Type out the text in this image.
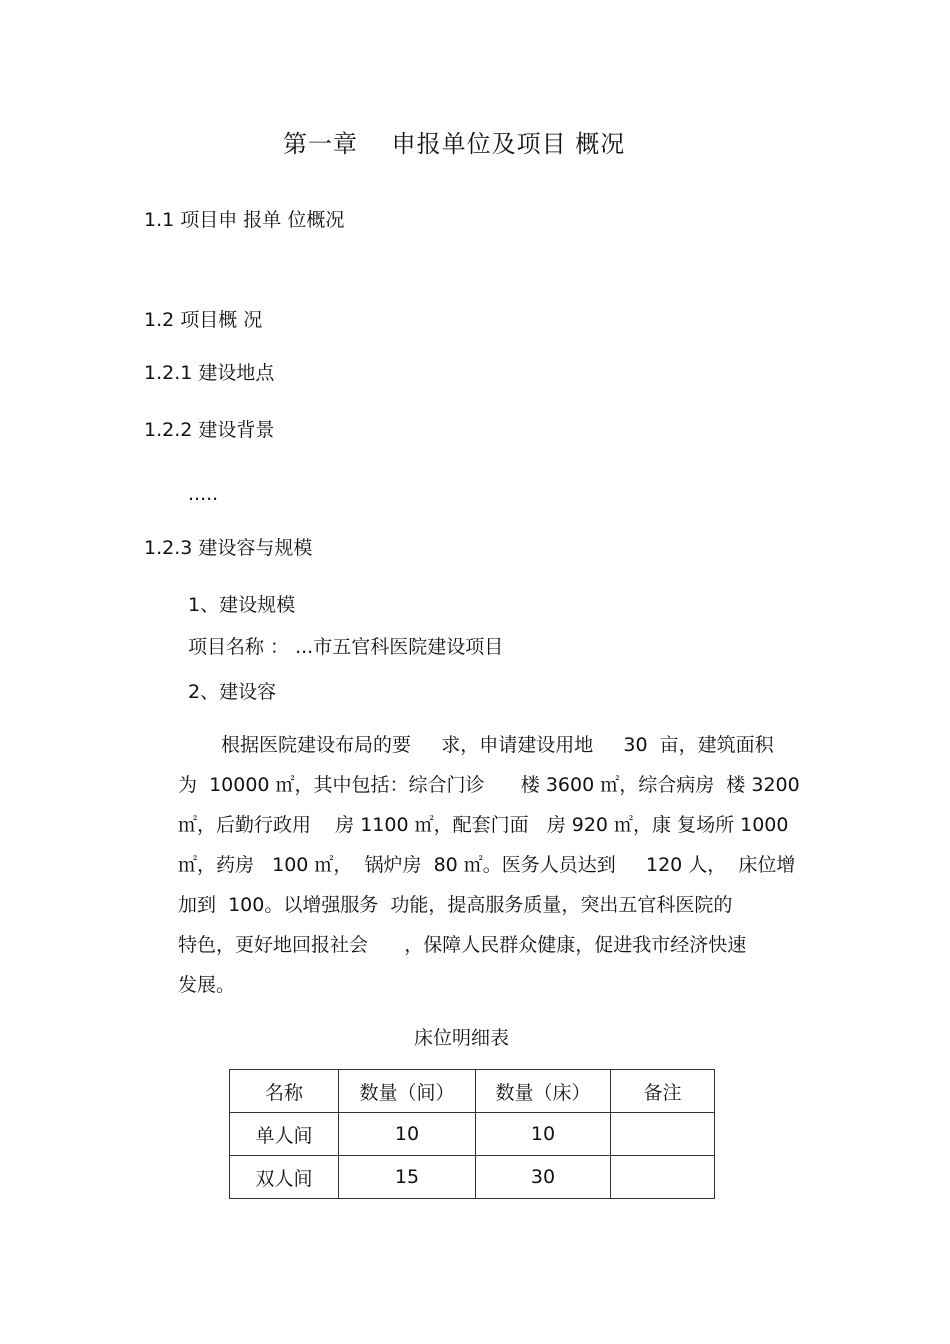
第一章　 申报单位及项目 概况
1.1 项目申 报单 位概况
1.2 项目概 况
1.2.1 建设地点
1.2.2 建设背景
.....
1.2.3 建设容与规模
1、建设规模
项目名称 ： ...市五官科医院建设项目
2、建设容
根据医院建设布局的要     求，申请建设用地     30  亩，建筑面积
为  10000 ㎡，其中包括：综合门诊      楼 3600 ㎡，综合病房  楼 3200
㎡，后勤行政用    房 1100 ㎡，配套门面   房 920 ㎡，康 复场所 1000
㎡，药房   100 ㎡，  锅炉房  80 ㎡。医务人员达到     120 人，  床位增
加到  100。以增强服务  功能，提高服务质量，突出五官科医院的
特色，更好地回报社会      ，保障人民群众健康，促进我市经济快速
发展。
床位明细表
名称	数量（间）	数量（床）	备注
单人间	10	10	
双人间	15	30	
